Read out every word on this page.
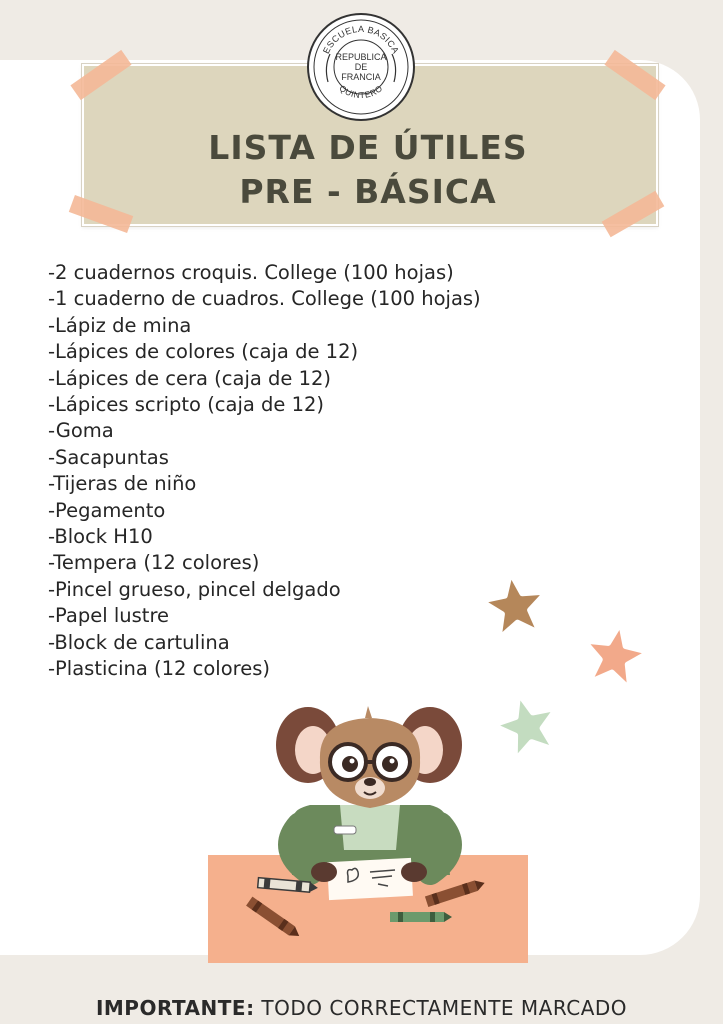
ESCUELA BASICA
QUINTERO
REPUBLICA
DE
FRANCIA
LISTA DE ÚTILES
PRE - BÁSICA
-2 cuadernos croquis. College (100 hojas)
-1 cuaderno de cuadros. College (100 hojas)
-Lápiz de mina
-Lápices de colores (caja de 12)
-Lápices de cera (caja de 12)
-Lápices scripto (caja de 12)
-Goma
-Sacapuntas
-Tijeras de niño
-Pegamento
-Block H10
-Tempera (12 colores)
-Pincel grueso, pincel delgado
-Papel lustre
-Block de cartulina
-Plasticina (12 colores)
IMPORTANTE: TODO CORRECTAMENTE MARCADO
